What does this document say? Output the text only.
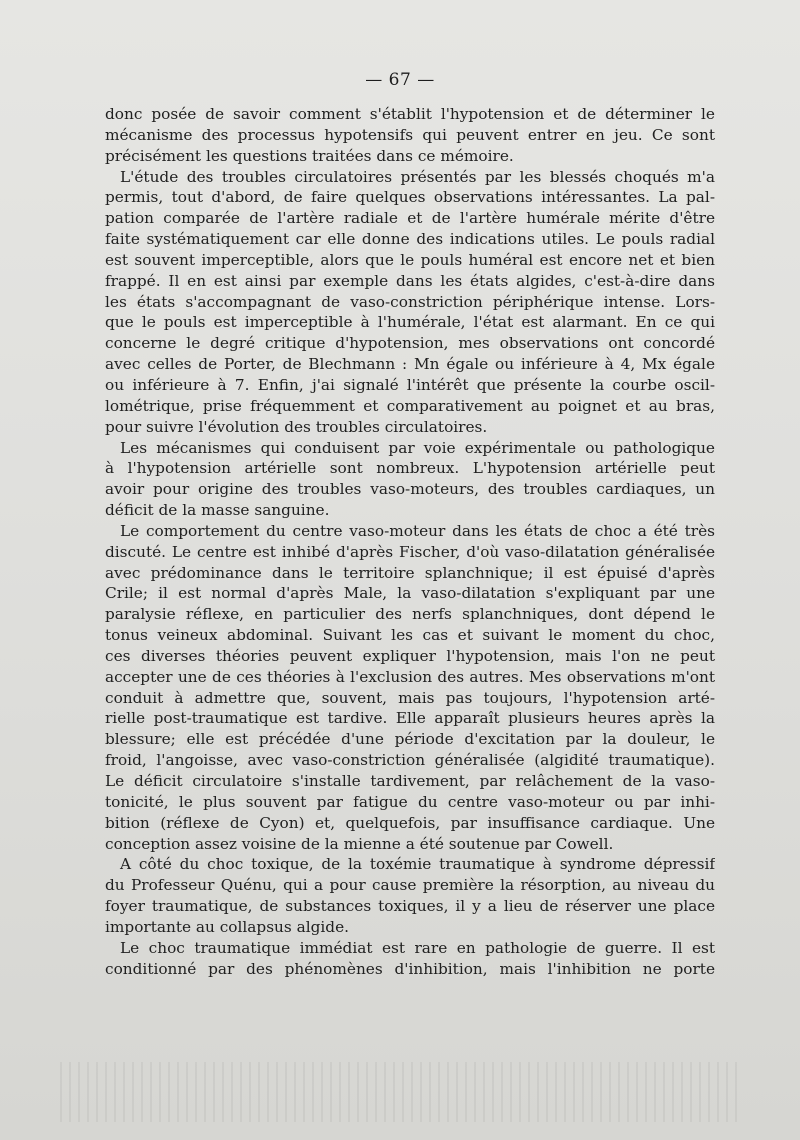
— 67 —
donc posée de savoir comment s'établit l'hypotension et de déterminer le
mécanisme des processus hypotensifs qui peuvent entrer en jeu. Ce sont
précisément les questions traitées dans ce mémoire.
L'étude des troubles circulatoires présentés par les blessés choqués m'a
permis, tout d'abord, de faire quelques observations intéressantes. La pal-
pation comparée de l'artère radiale et de l'artère humérale mérite d'être
faite systématiquement car elle donne des indications utiles. Le pouls radial
est souvent imperceptible, alors que le pouls huméral est encore net et bien
frappé. Il en est ainsi par exemple dans les états algides, c'est-à-dire dans
les états s'accompagnant de vaso-constriction périphérique intense. Lors-
que le pouls est imperceptible à l'humérale, l'état est alarmant. En ce qui
concerne le degré critique d'hypotension, mes observations ont concordé
avec celles de Porter, de Blechmann : Mn égale ou inférieure à 4, Mx égale
ou inférieure à 7. Enfin, j'ai signalé l'intérêt que présente la courbe oscil-
lométrique, prise fréquemment et comparativement au poignet et au bras,
pour suivre l'évolution des troubles circulatoires.
Les mécanismes qui conduisent par voie expérimentale ou pathologique
à l'hypotension artérielle sont nombreux. L'hypotension artérielle peut
avoir pour origine des troubles vaso-moteurs, des troubles cardiaques, un
déficit de la masse sanguine.
Le comportement du centre vaso-moteur dans les états de choc a été très
discuté. Le centre est inhibé d'après Fischer, d'où vaso-dilatation généralisée
avec prédominance dans le territoire splanchnique; il est épuisé d'après
Crile; il est normal d'après Male, la vaso-dilatation s'expliquant par une
paralysie réflexe, en particulier des nerfs splanchniques, dont dépend le
tonus veineux abdominal. Suivant les cas et suivant le moment du choc,
ces diverses théories peuvent expliquer l'hypotension, mais l'on ne peut
accepter une de ces théories à l'exclusion des autres. Mes observations m'ont
conduit à admettre que, souvent, mais pas toujours, l'hypotension arté-
rielle post-traumatique est tardive. Elle apparaît plusieurs heures après la
blessure; elle est précédée d'une période d'excitation par la douleur, le
froid, l'angoisse, avec vaso-constriction généralisée (algidité traumatique).
Le déficit circulatoire s'installe tardivement, par relâchement de la vaso-
tonicité, le plus souvent par fatigue du centre vaso-moteur ou par inhi-
bition (réflexe de Cyon) et, quelquefois, par insuffisance cardiaque. Une
conception assez voisine de la mienne a été soutenue par Cowell.
A côté du choc toxique, de la toxémie traumatique à syndrome dépressif
du Professeur Quénu, qui a pour cause première la résorption, au niveau du
foyer traumatique, de substances toxiques, il y a lieu de réserver une place
importante au collapsus algide.
Le choc traumatique immédiat est rare en pathologie de guerre. Il est
conditionné par des phénomènes d'inhibition, mais l'inhibition ne porte
